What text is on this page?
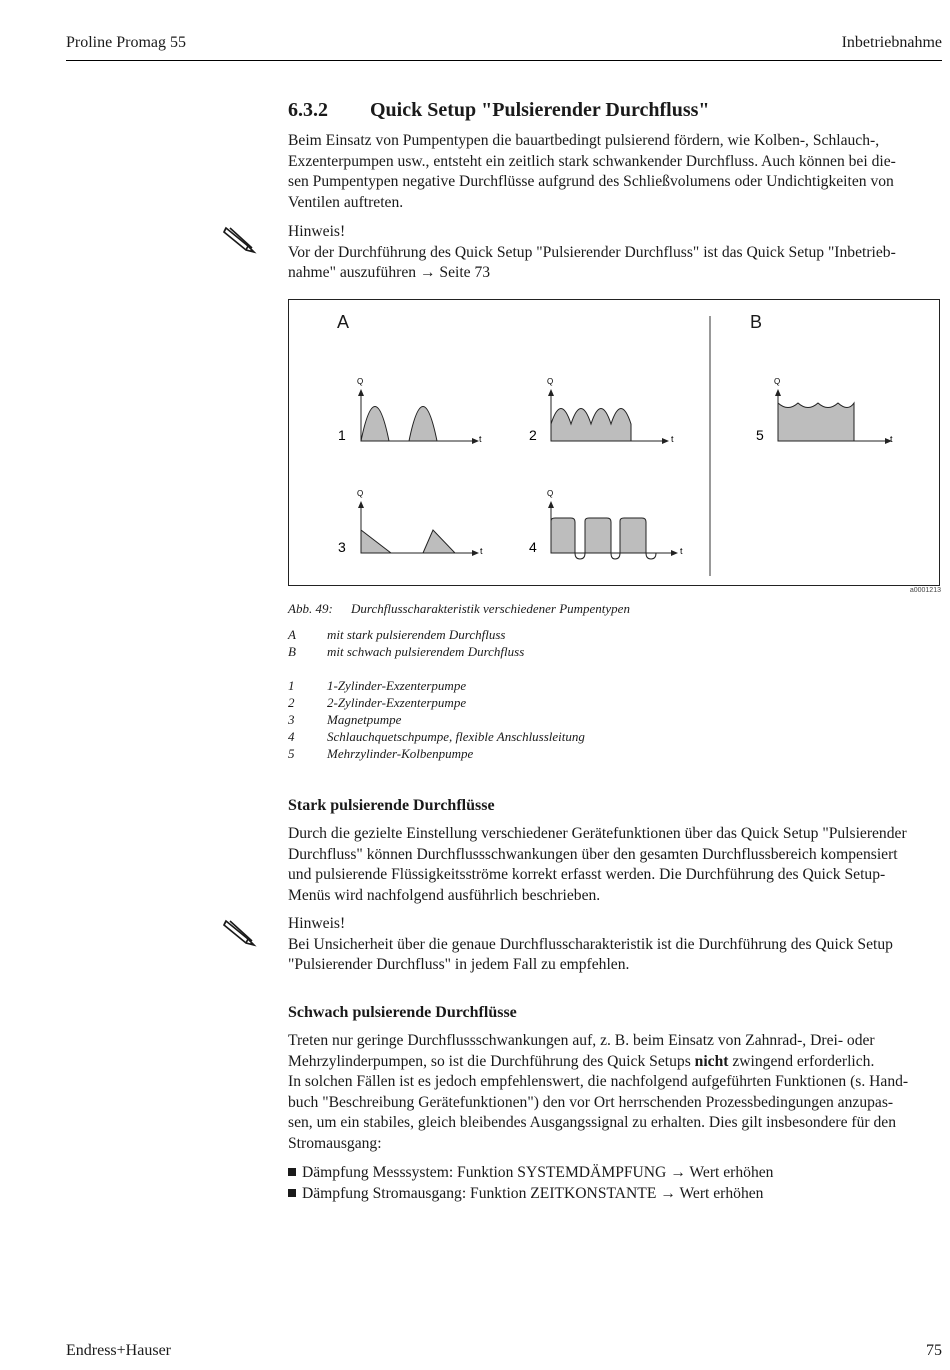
Proline Promag 55	Inbetriebnahme
6.3.2 Quick Setup "Pulsierender Durchfluss"
Beim Einsatz von Pumpentypen die bauartbedingt pulsierend fördern, wie Kolben-, Schlauch-,
Exzenterpumpen usw., entsteht ein zeitlich stark schwankender Durchfluss. Auch können bei die-
sen Pumpentypen negative Durchflüsse aufgrund des Schließvolumens oder Undichtigkeiten von
Ventilen auftreten.
Hinweis!
Vor der Durchführung des Quick Setup "Pulsierender Durchfluss" ist das Quick Setup "Inbetrieb-
nahme" auszuführen → Seite 73
A	B
Q
t
1
Q
t
2
Q
t
5
Q
t
3
Q
t
4
a0001213
Abb. 49: Durchflusscharakteristik verschiedener Pumpentypen
A mit stark pulsierendem Durchfluss
B mit schwach pulsierendem Durchfluss
1	1-Zylinder-Exzenterpumpe
2	2-Zylinder-Exzenterpumpe
3	Magnetpumpe
4	Schlauchquetschpumpe, flexible Anschlussleitung
5	Mehrzylinder-Kolbenpumpe
Stark pulsierende Durchflüsse
Durch die gezielte Einstellung verschiedener Gerätefunktionen über das Quick Setup "Pulsierender
Durchfluss" können Durchflussschwankungen über den gesamten Durchflussbereich kompensiert
und pulsierende Flüssigkeitsströme korrekt erfasst werden. Die Durchführung des Quick Setup-
Menüs wird nachfolgend ausführlich beschrieben.
Hinweis!
Bei Unsicherheit über die genaue Durchflusscharakteristik ist die Durchführung des Quick Setup
"Pulsierender Durchfluss" in jedem Fall zu empfehlen.
Schwach pulsierende Durchflüsse
Treten nur geringe Durchflussschwankungen auf, z. B. beim Einsatz von Zahnrad-, Drei- oder
Mehrzylinderpumpen, so ist die Durchführung des Quick Setups nicht zwingend erforderlich.
In solchen Fällen ist es jedoch empfehlenswert, die nachfolgend aufgeführten Funktionen (s. Hand-
buch "Beschreibung Gerätefunktionen") den vor Ort herrschenden Prozessbedingungen anzupas-
sen, um ein stabiles, gleich bleibendes Ausgangssignal zu erhalten. Dies gilt insbesondere für den
Stromausgang:
Dämpfung Messsystem: Funktion SYSTEMDÄMPFUNG → Wert erhöhen
Dämpfung Stromausgang: Funktion ZEITKONSTANTE → Wert erhöhen
Endress+Hauser	75
